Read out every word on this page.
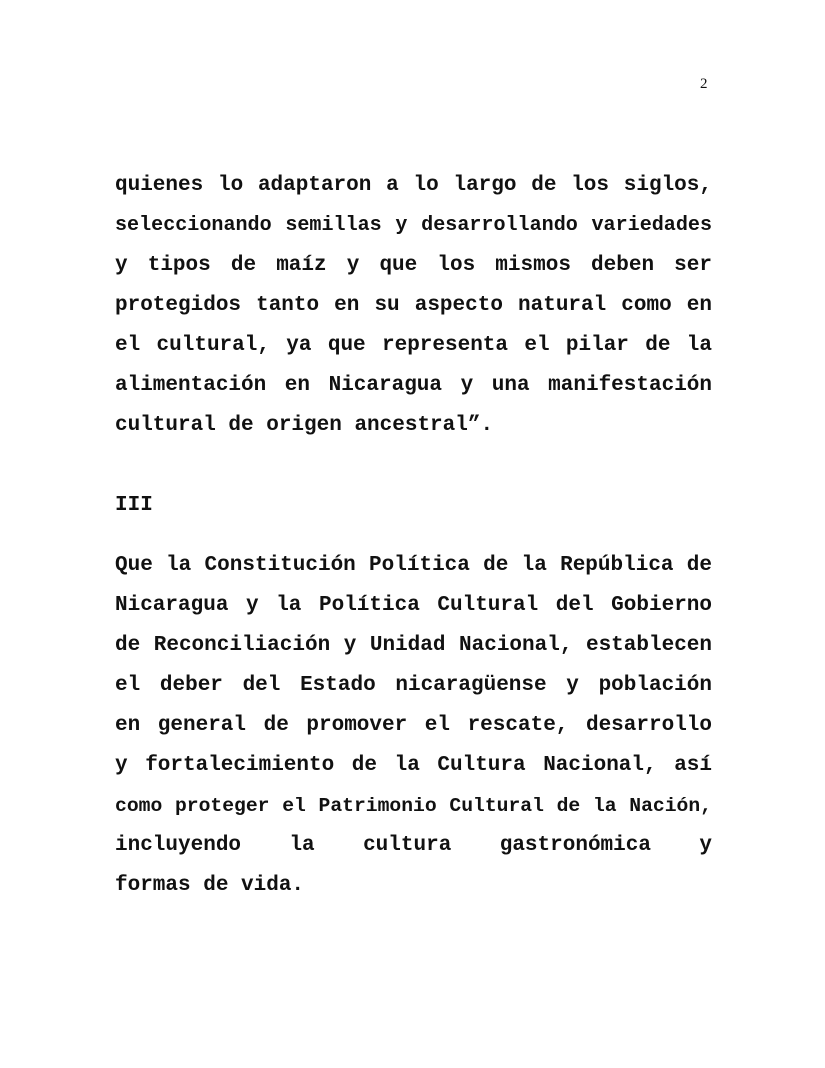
2
quienes lo adaptaron a lo largo de los siglos,
seleccionando semillas y desarrollando variedades
y tipos de maíz y que los mismos deben ser
protegidos tanto en su aspecto natural como en
el cultural, ya que representa el pilar de la
alimentación en Nicaragua y una manifestación
cultural de origen ancestral”.
III
Que la Constitución Política de la República de
Nicaragua y la Política Cultural del Gobierno
de Reconciliación y Unidad Nacional, establecen
el deber del Estado nicaragüense y población
en general de promover el rescate, desarrollo
y fortalecimiento de la Cultura Nacional, así
como proteger el Patrimonio Cultural de la Nación,
incluyendo la cultura gastronómica y
formas de vida.
